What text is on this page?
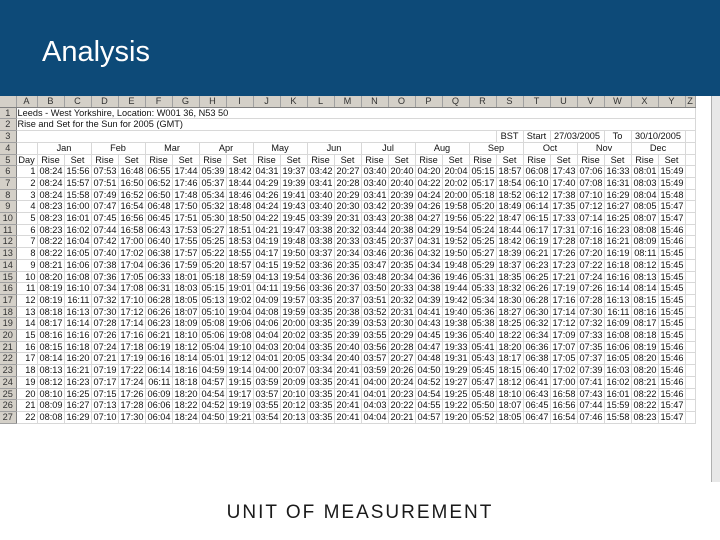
Analysis
	A	B	C	D	E	F	G	H	I	J	K	L	M	N	O	P	Q	R	S	T	U	V	W	X	Y	Z
1	Leeds - West Yorkshire, Location: W001 36, N53 50																									
2	Rise and Set for the Sun for 2005 (GMT)																									
3																			BST	Start	27/03/2005		To	30/10/2005		
4		Jan		Feb		Mar		Apr		May		Jun		Jul		Aug		Sep		Oct		Nov		Dec		
5	Day	Rise	Set	Rise	Set	Rise	Set	Rise	Set	Rise	Set	Rise	Set	Rise	Set	Rise	Set	Rise	Set	Rise	Set	Rise	Set	Rise	Set	
6	1	08:24	15:56	07:53	16:48	06:55	17:44	05:39	18:42	04:31	19:37	03:42	20:27	03:40	20:40	04:20	20:04	05:15	18:57	06:08	17:43	07:06	16:33	08:01	15:49	
7	2	08:24	15:57	07:51	16:50	06:52	17:46	05:37	18:44	04:29	19:39	03:41	20:28	03:40	20:40	04:22	20:02	05:17	18:54	06:10	17:40	07:08	16:31	08:03	15:49	
8	3	08:24	15:58	07:49	16:52	06:50	17:48	05:34	18:46	04:26	19:41	03:40	20:29	03:41	20:39	04:24	20:00	05:18	18:52	06:12	17:38	07:10	16:29	08:04	15:48	
9	4	08:23	16:00	07:47	16:54	06:48	17:50	05:32	18:48	04:24	19:43	03:40	20:30	03:42	20:39	04:26	19:58	05:20	18:49	06:14	17:35	07:12	16:27	08:05	15:47	
10	5	08:23	16:01	07:45	16:56	06:45	17:51	05:30	18:50	04:22	19:45	03:39	20:31	03:43	20:38	04:27	19:56	05:22	18:47	06:15	17:33	07:14	16:25	08:07	15:47	
11	6	08:23	16:02	07:44	16:58	06:43	17:53	05:27	18:51	04:21	19:47	03:38	20:32	03:44	20:38	04:29	19:54	05:24	18:44	06:17	17:31	07:16	16:23	08:08	15:46	
12	7	08:22	16:04	07:42	17:00	06:40	17:55	05:25	18:53	04:19	19:48	03:38	20:33	03:45	20:37	04:31	19:52	05:25	18:42	06:19	17:28	07:18	16:21	08:09	15:46	
13	8	08:22	16:05	07:40	17:02	06:38	17:57	05:22	18:55	04:17	19:50	03:37	20:34	03:46	20:36	04:32	19:50	05:27	18:39	06:21	17:26	07:20	16:19	08:11	15:45	
14	9	08:21	16:06	07:38	17:04	06:36	17:59	05:20	18:57	04:15	19:52	03:36	20:35	03:47	20:35	04:34	19:48	05:29	18:37	06:23	17:23	07:22	16:18	08:12	15:45	
15	10	08:20	16:08	07:36	17:05	06:33	18:01	05:18	18:59	04:13	19:54	03:36	20:36	03:48	20:34	04:36	19:46	05:31	18:35	06:25	17:21	07:24	16:16	08:13	15:45	
16	11	08:19	16:10	07:34	17:08	06:31	18:03	05:15	19:01	04:11	19:56	03:36	20:37	03:50	20:33	04:38	19:44	05:33	18:32	06:26	17:19	07:26	16:14	08:14	15:45	
17	12	08:19	16:11	07:32	17:10	06:28	18:05	05:13	19:02	04:09	19:57	03:35	20:37	03:51	20:32	04:39	19:42	05:34	18:30	06:28	17:16	07:28	16:13	08:15	15:45	
18	13	08:18	16:13	07:30	17:12	06:26	18:07	05:10	19:04	04:08	19:59	03:35	20:38	03:52	20:31	04:41	19:40	05:36	18:27	06:30	17:14	07:30	16:11	08:16	15:45	
19	14	08:17	16:14	07:28	17:14	06:23	18:09	05:08	19:06	04:06	20:00	03:35	20:39	03:53	20:30	04:43	19:38	05:38	18:25	06:32	17:12	07:32	16:09	08:17	15:45	
20	15	08:16	16:16	07:26	17:16	06:21	18:10	05:06	19:08	04:04	20:02	03:35	20:39	03:55	20:29	04:45	19:36	05:40	18:22	06:34	17:09	07:33	16:08	08:18	15:45	
21	16	08:15	16:18	07:24	17:18	06:19	18:12	05:04	19:10	04:03	20:04	03:35	20:40	03:56	20:28	04:47	19:33	05:41	18:20	06:36	17:07	07:35	16:06	08:19	15:46	
22	17	08:14	16:20	07:21	17:19	06:16	18:14	05:01	19:12	04:01	20:05	03:34	20:40	03:57	20:27	04:48	19:31	05:43	18:17	06:38	17:05	07:37	16:05	08:20	15:46	
23	18	08:13	16:21	07:19	17:22	06:14	18:16	04:59	19:14	04:00	20:07	03:34	20:41	03:59	20:26	04:50	19:29	05:45	18:15	06:40	17:02	07:39	16:03	08:20	15:46	
24	19	08:12	16:23	07:17	17:24	06:11	18:18	04:57	19:15	03:59	20:09	03:35	20:41	04:00	20:24	04:52	19:27	05:47	18:12	06:41	17:00	07:41	16:02	08:21	15:46	
25	20	08:10	16:25	07:15	17:26	06:09	18:20	04:54	19:17	03:57	20:10	03:35	20:41	04:01	20:23	04:54	19:25	05:48	18:10	06:43	16:58	07:43	16:01	08:22	15:46	
26	21	08:09	16:27	07:13	17:28	06:06	18:22	04:52	19:19	03:55	20:12	03:35	20:41	04:03	20:22	04:55	19:22	05:50	18:07	06:45	16:56	07:44	15:59	08:22	15:47	
27	22	08:08	16:29	07:10	17:30	06:04	18:24	04:50	19:21	03:54	20:13	03:35	20:41	04:04	20:21	04:57	19:20	05:52	18:05	06:47	16:54	07:46	15:58	08:23	15:47	
UNIT OF MEASUREMENT
